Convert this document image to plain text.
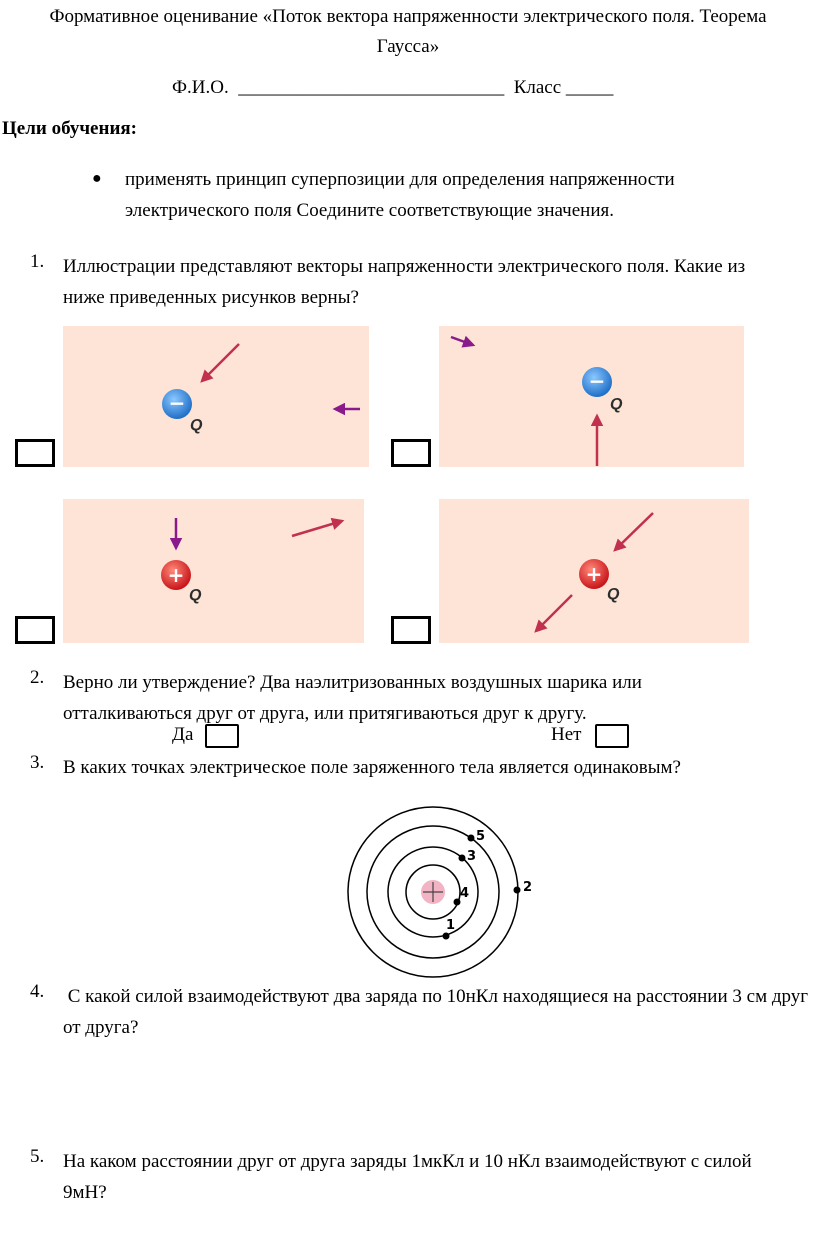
Формативное оценивание «Поток вектора напряженности электрического поля. Теорема
Гаусса»
Ф.И.О.  ____________________________  Класс _____
Цели обучения:
● применять принцип суперпозиции для определения напряженности электрического поля Соедините соответствующие значения.
1. Иллюстрации представляют векторы напряженности электрического поля. Какие из ниже приведенных рисунков верны?
−
Q
−
Q
+
Q
+
Q
2. Верно ли утверждение? Два наэлитризованных воздушных шарика или отталкиваються друг от друга, или притягиваються друг к другу.
Да	Нет
3. В каких точках электрическое поле заряженного тела является одинаковым?
1
2
3
4
5
4. С какой силой взаимодействуют два заряда по 10нКл находящиеся на расстоянии 3 см друг от друга?
5. На каком расстоянии друг от друга заряды 1мкКл и 10 нКл взаимодействуют с силой 9мН?
